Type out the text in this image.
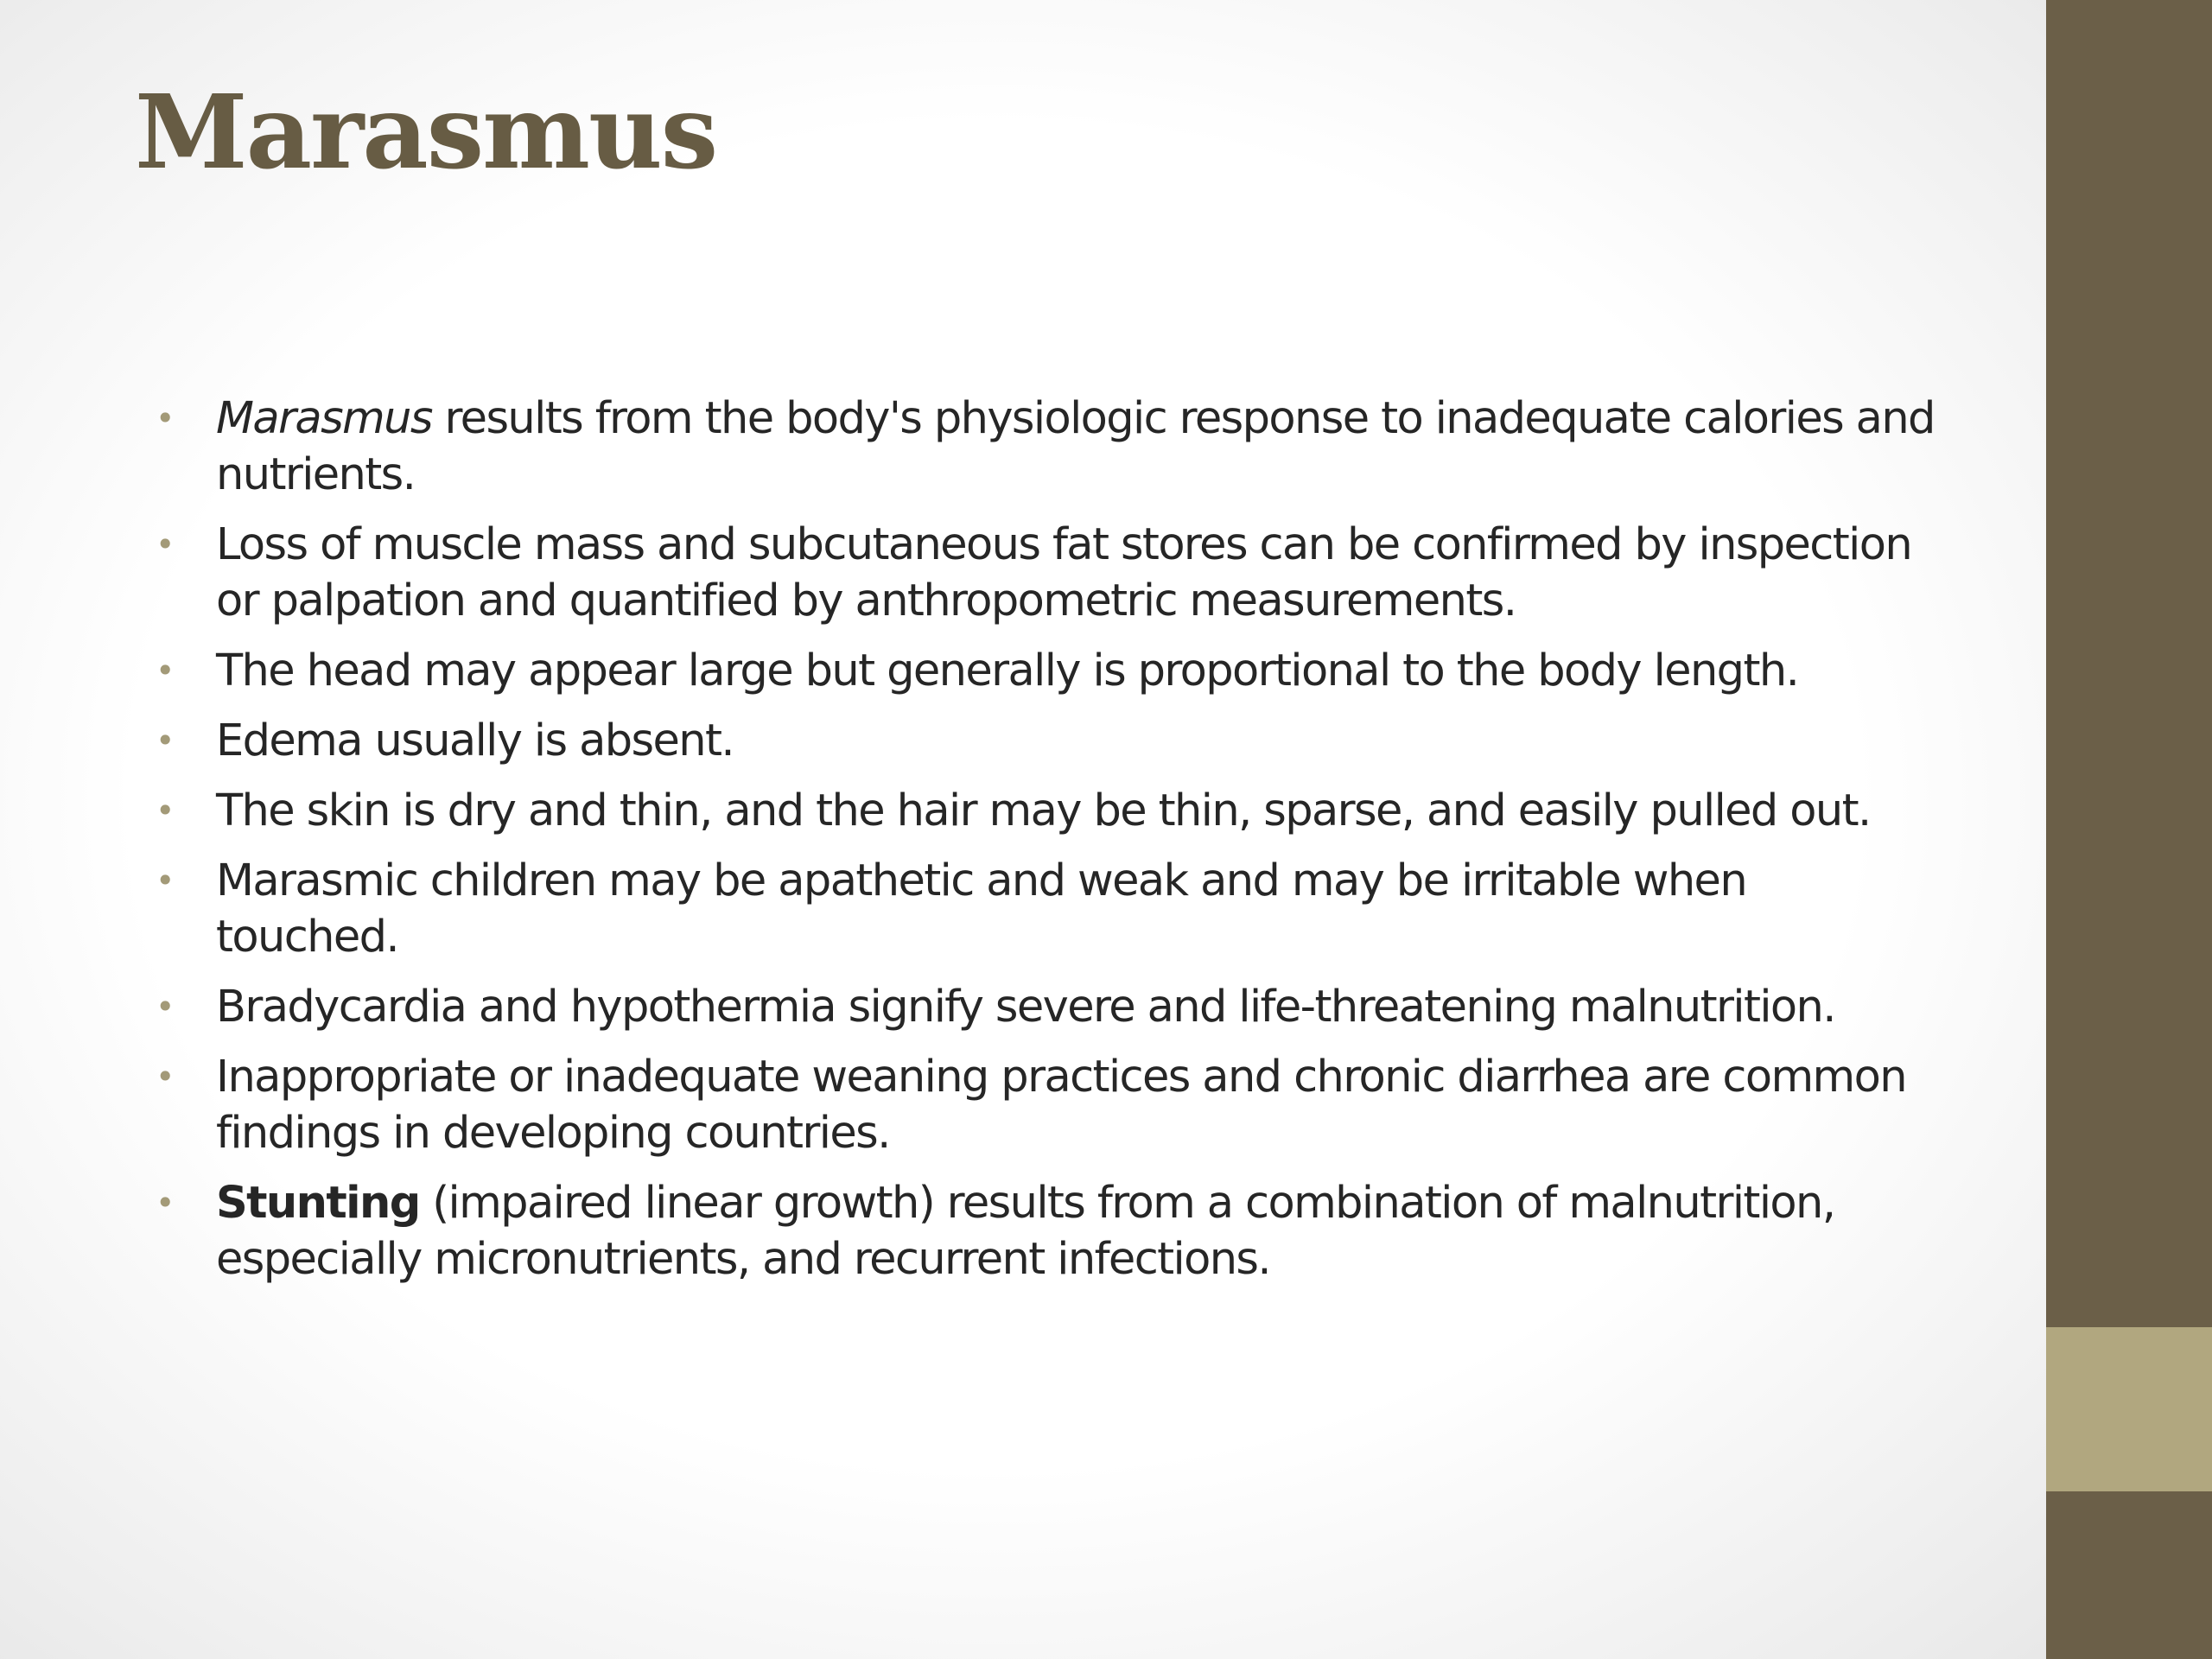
Marasmus
• Marasmus results from the body's physiologic response to inadequate calories and nutrients.
• Loss of muscle mass and subcutaneous fat stores can be confirmed by inspection or palpation and quantified by anthropometric measurements.
• The head may appear large but generally is proportional to the body length.
• Edema usually is absent.
• The skin is dry and thin, and the hair may be thin, sparse, and easily pulled out.
• Marasmic children may be apathetic and weak and may be irritable when touched.
• Bradycardia and hypothermia signify severe and life-threatening malnutrition.
• Inappropriate or inadequate weaning practices and chronic diarrhea are common findings in developing countries.
• Stunting (impaired linear growth) results from a combination of malnutrition, especially micronutrients, and recurrent infections.
